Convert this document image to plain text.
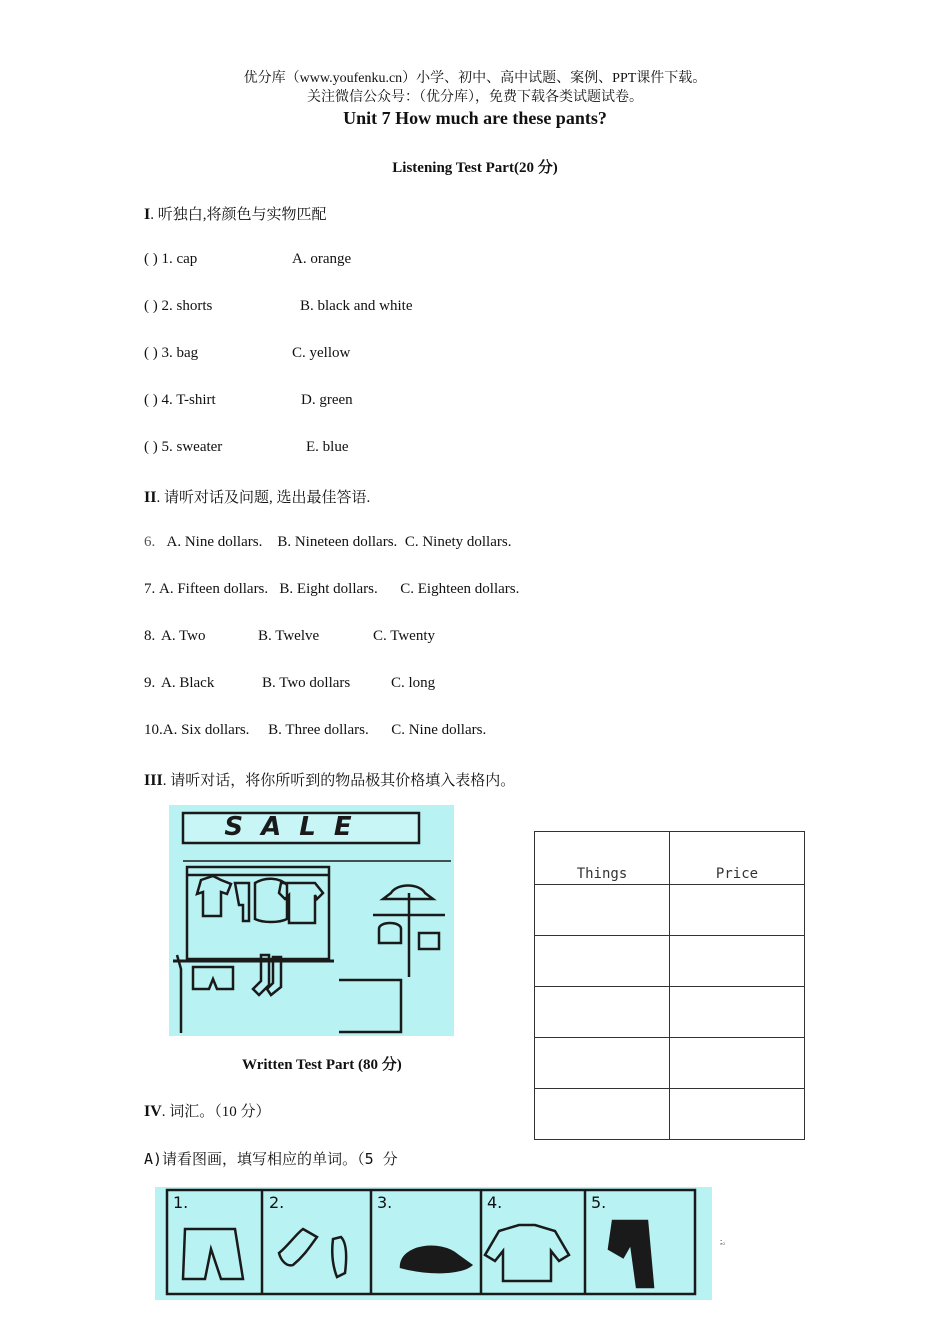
优分库（www.youfenku.cn）小学、初中、高中试题、案例、PPT课件下载。
关注微信公众号：（优分库），免费下载各类试题试卷。
Unit 7 How much are these pants?
Listening Test Part(20 分)
I. 听独白,将颜色与实物匹配
( ) 1. cap	A. orange
( ) 2. shorts	B. black and white
( ) 3. bag	C. yellow
( ) 4. T-shirt	D. green
( ) 5. sweater	E. blue
II. 请听对话及问题, 选出最佳答语.
6. A. Nine dollars. B. Nineteen dollars. C. Ninety dollars.
7. A. Fifteen dollars. B. Eight dollars. C. Eighteen dollars.
8. A. Two	B. Twelve	C. Twenty
9. A. Black	B. Two dollars	C. long
10.A. Six dollars. B. Three dollars. C. Nine dollars.
III. 请听对话，将你所听到的物品极其价格填入表格内。
SALE
Things	Price

Written Test Part (80 分)
IV. 词汇。（10 分）
A)请看图画，填写相应的单词。（5 分
1.	2.	3.	4.	5.
;。
